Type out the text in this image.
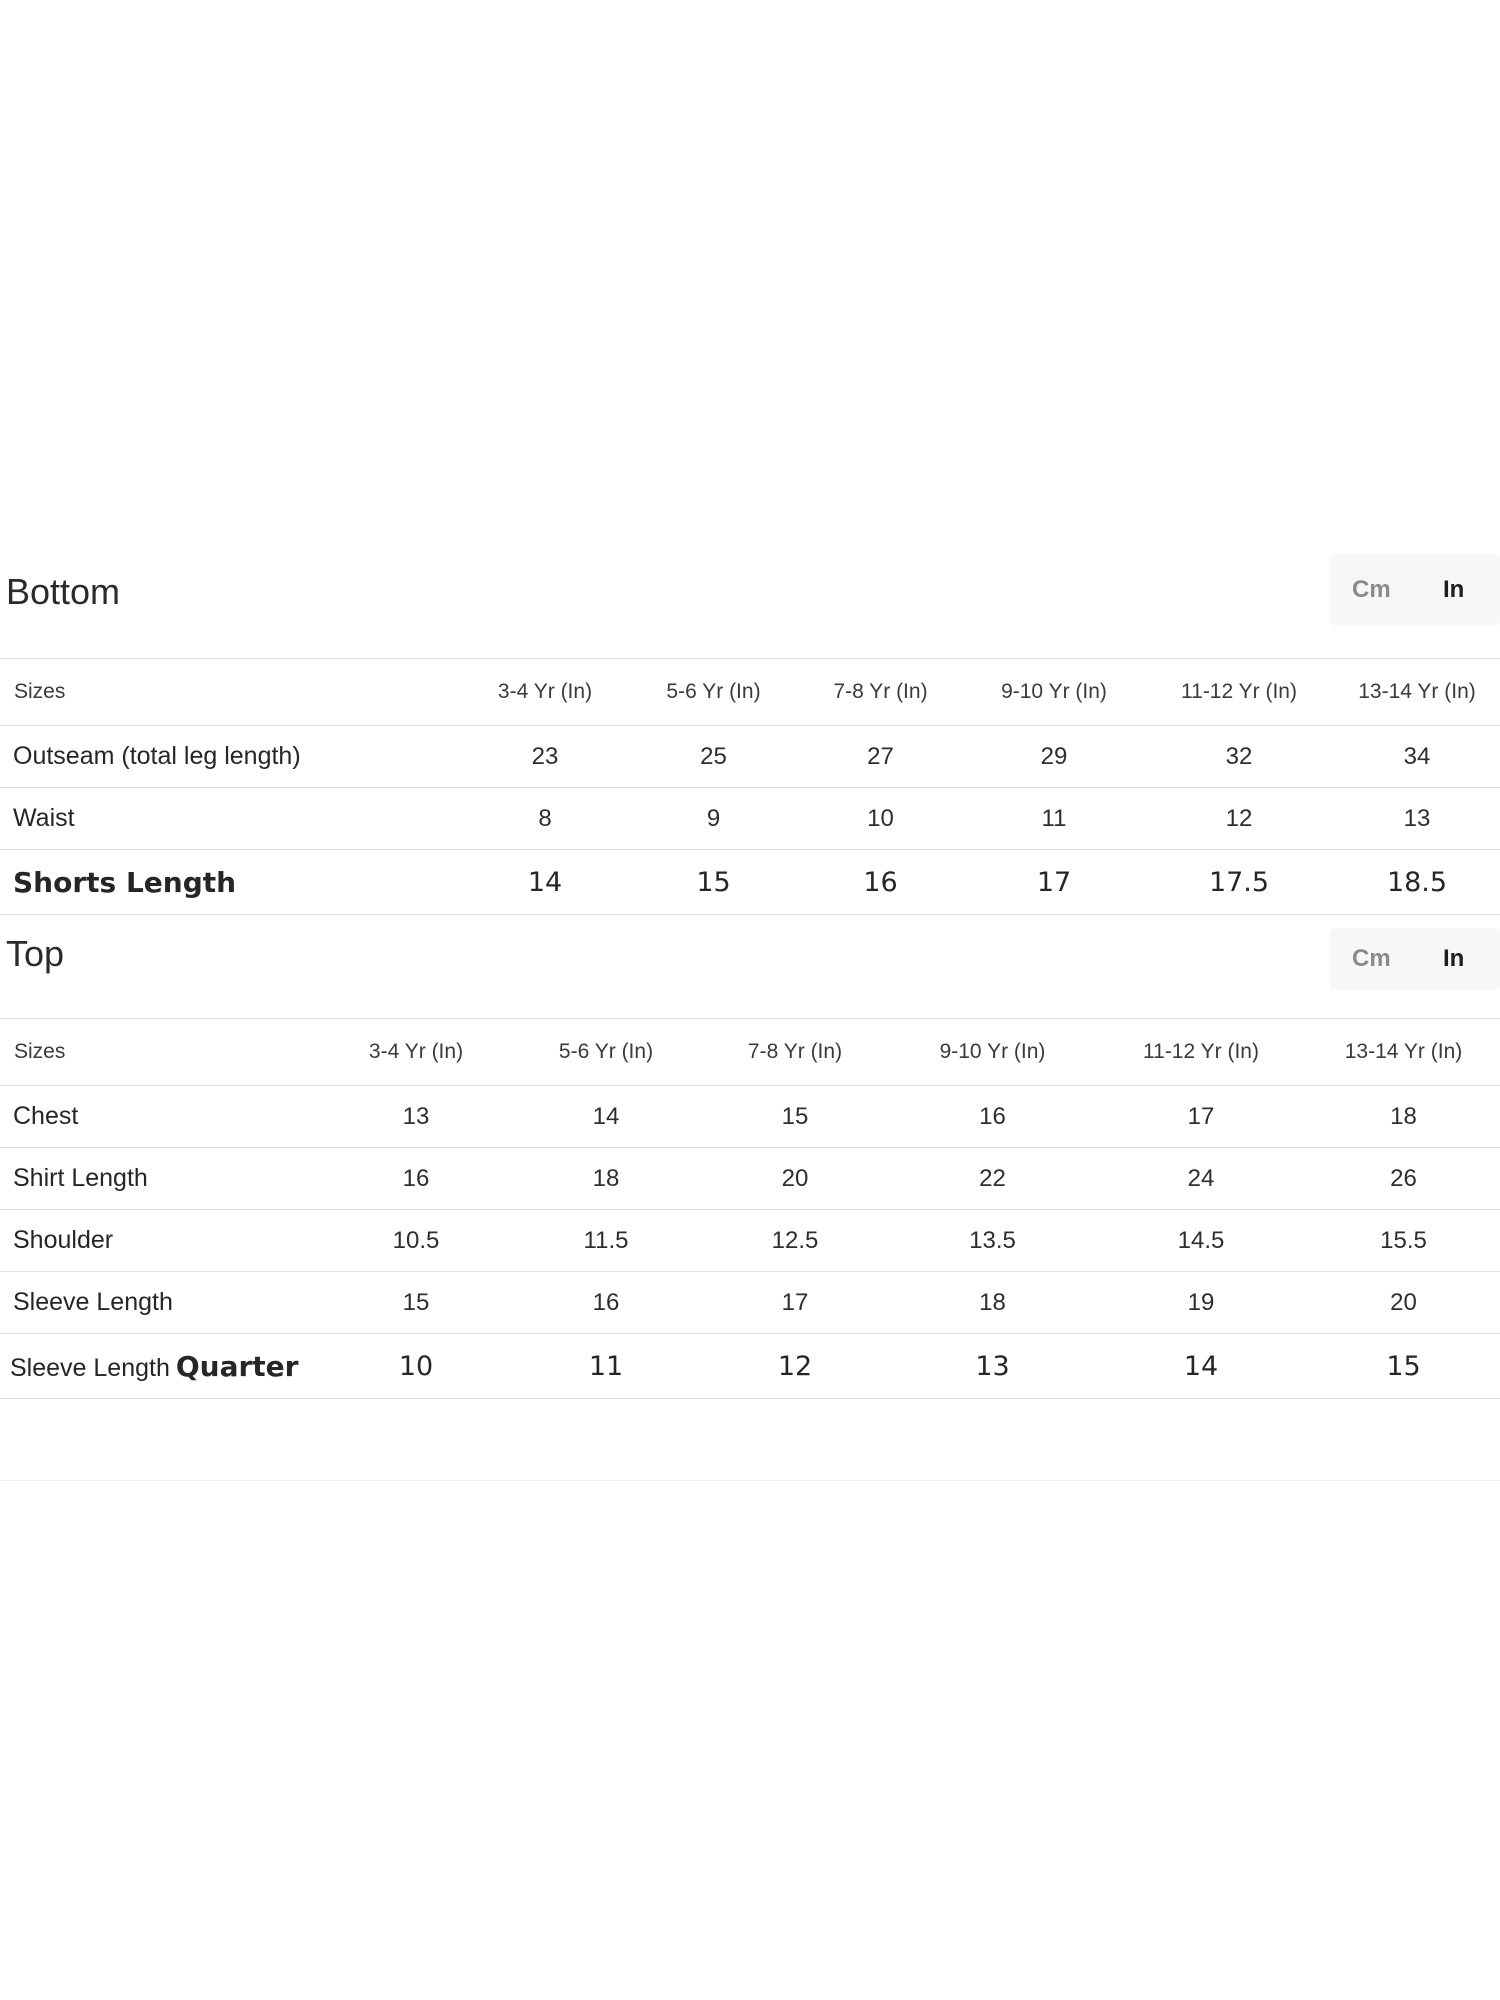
Bottom	Cm In
Sizes	3-4 Yr (In)	5-6 Yr (In)	7-8 Yr (In)	9-10 Yr (In)	11-12 Yr (In)	13-14 Yr (In)
Outseam (total leg length)	23	25	27	29	32	34
Waist	8	9	10	11	12	13
Shorts Length	14	15	16	17	17.5	18.5
Top	Cm In
Sizes	3-4 Yr (In)	5-6 Yr (In)	7-8 Yr (In)	9-10 Yr (In)	11-12 Yr (In)	13-14 Yr (In)
Chest	13	14	15	16	17	18
Shirt Length	16	18	20	22	24	26
Shoulder	10.5	11.5	12.5	13.5	14.5	15.5
Sleeve Length	15	16	17	18	19	20
Sleeve Length Quarter	10	11	12	13	14	15
